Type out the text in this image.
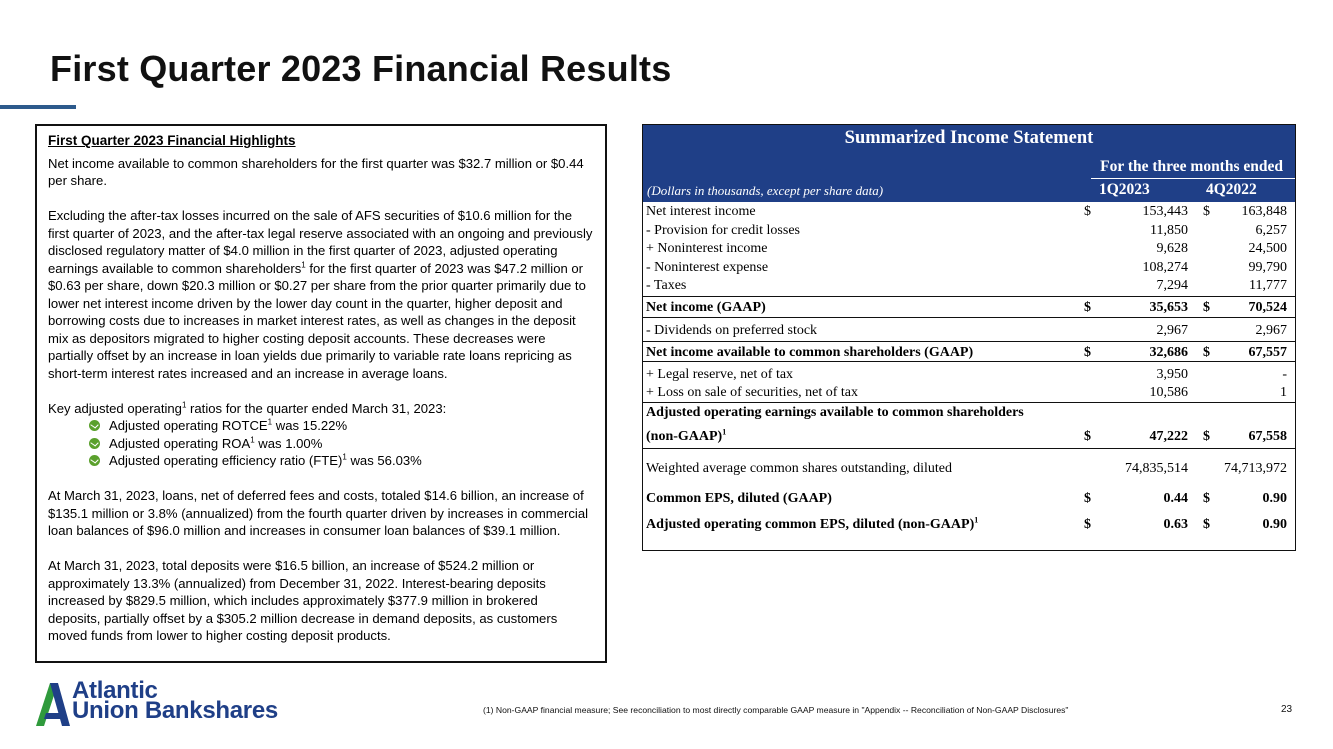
First Quarter 2023 Financial Results
First Quarter 2023 Financial Highlights

Net income available to common shareholders for the first quarter was $32.7 million or $0.44 per share.

Excluding the after-tax losses incurred on the sale of AFS securities of $10.6 million for the first quarter of 2023, and the after-tax legal reserve associated with an ongoing and previously disclosed regulatory matter of $4.0 million in the first quarter of 2023, adjusted operating earnings available to common shareholders$^1$ for the first quarter of 2023 was $47.2 million or $0.63 per share, down $20.3 million or $0.27 per share from the prior quarter primarily due to lower net interest income driven by the lower day count in the quarter, higher deposit and borrowing costs due to increases in market interest rates, as well as changes in the deposit mix as depositors migrated to higher costing deposit accounts. These decreases were partially offset by an increase in loan yields due primarily to variable rate loans repricing as short-term interest rates increased and an increase in average loans.

Key adjusted operating$^1$ ratios for the quarter ended March 31, 2023:

Adjusted operating ROTCE$^1$ was 15.22%
Adjusted operating ROA$^1$ was 1.00%
Adjusted operating efficiency ratio (FTE)$^1$ was 56.03%

At March 31, 2023, loans, net of deferred fees and costs, totaled $14.6 billion, an increase of $135.1 million or 3.8% (annualized) from the fourth quarter driven by increases in commercial loan balances of $96.0 million and increases in consumer loan balances of $39.1 million.

At March 31, 2023, total deposits were $16.5 billion, an increase of $524.2 million or approximately 13.3% (annualized) from December 31, 2022. Interest-bearing deposits increased by $829.5 million, which includes approximately $377.9 million in brokered deposits, partially offset by a $305.2 million decrease in demand deposits, as customers moved funds from lower to higher costing deposit products.

Summarized Income Statement
For the three months ended
(Dollars in thousands, except per share data)	1Q2023	4Q2022
Net interest income	$	153,443 $ 163,848
- Provision for credit losses	11,850	6,257
+ Noninterest income	9,628	24,500
- Noninterest expense	108,274	99,790
- Taxes	7,294	11,777
Net income (GAAP)	$	35,653 $	70,524
- Dividends on preferred stock	2,967	2,967
Net income available to common shareholders (GAAP)	$	32,686 $	67,557
+ Legal reserve, net of tax	3,950	-
+ Loss on sale of securities, net of tax	10,586	1
Adjusted operating earnings available to common shareholders
(non-GAAP)$^1$	$	47,222 $	67,558
Weighted average common shares outstanding, diluted	74,835,514	74,713,972
Common EPS, diluted (GAAP)	$	0.44 $	0.90
Adjusted operating common EPS, diluted (non-GAAP)$^1$	$	0.63 $	0.90
Atlantic
Union Bankshares	(1) Non-GAAP financial measure; See reconciliation to most directly comparable GAAP measure in "Appendix -- Reconciliation of Non-GAAP Disclosures"	23
